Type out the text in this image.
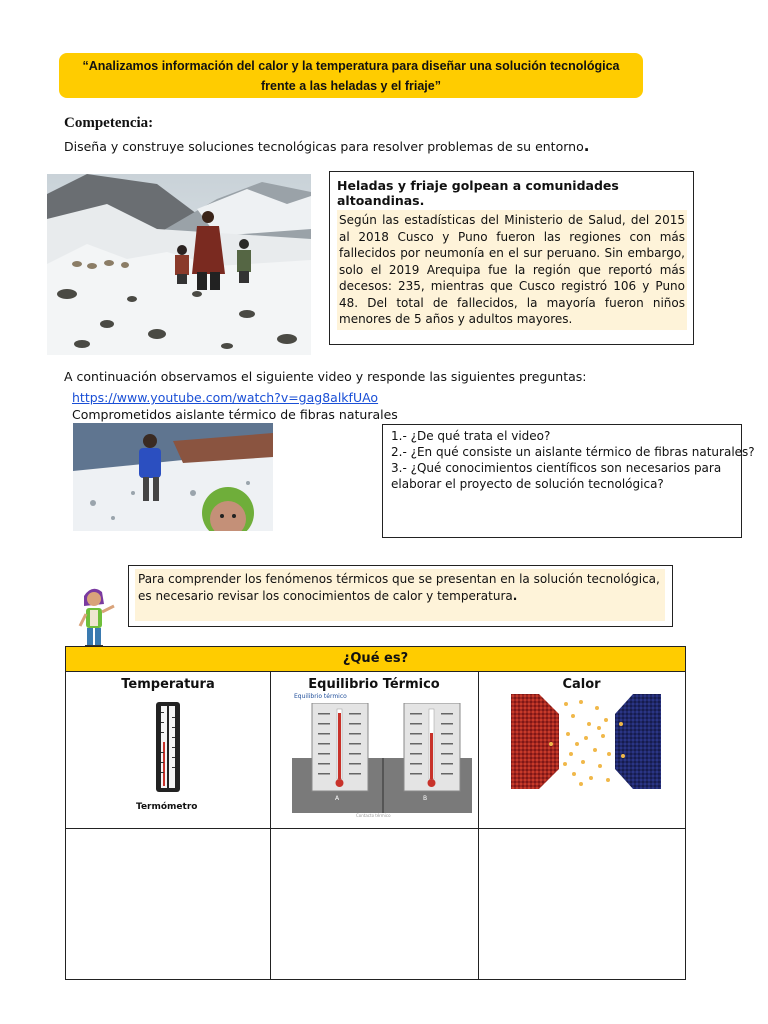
“Analizamos información del calor y la temperatura para diseñar una solución tecnológica
frente a las heladas y el friaje”
Competencia:
Diseña y construye soluciones tecnológicas para resolver problemas de su entorno.
Heladas y friaje golpean a comunidades altoandinas.
Según las estadísticas del Ministerio de Salud, del 2015 al 2018 Cusco y Puno fueron las regiones con más fallecidos por neumonía en el sur peruano. Sin embargo, solo el 2019 Arequipa fue la región que reportó más decesos: 235, mientras que Cusco registró 106 y Puno 48. Del total de fallecidos, la mayoría fueron niños menores de 5 años y adultos mayores.
A continuación observamos el siguiente video y responde las siguientes preguntas:
https://www.youtube.com/watch?v=gag8alkfUAo
Comprometidos aislante térmico de fibras naturales
1.- ¿De qué trata el video?
2.- ¿En qué consiste un aislante térmico de fibras naturales?
3.- ¿Qué conocimientos científicos son necesarios para
elaborar el proyecto de solución tecnológica?
Para comprender los fenómenos térmicos que se presentan en la solución tecnológica, es necesario revisar los conocimientos de calor y temperatura.
¿Qué es?
Temperatura
Termómetro
Equilibrio Térmico
Equilibrio térmico
A	B
Contacto térmico
Calor
